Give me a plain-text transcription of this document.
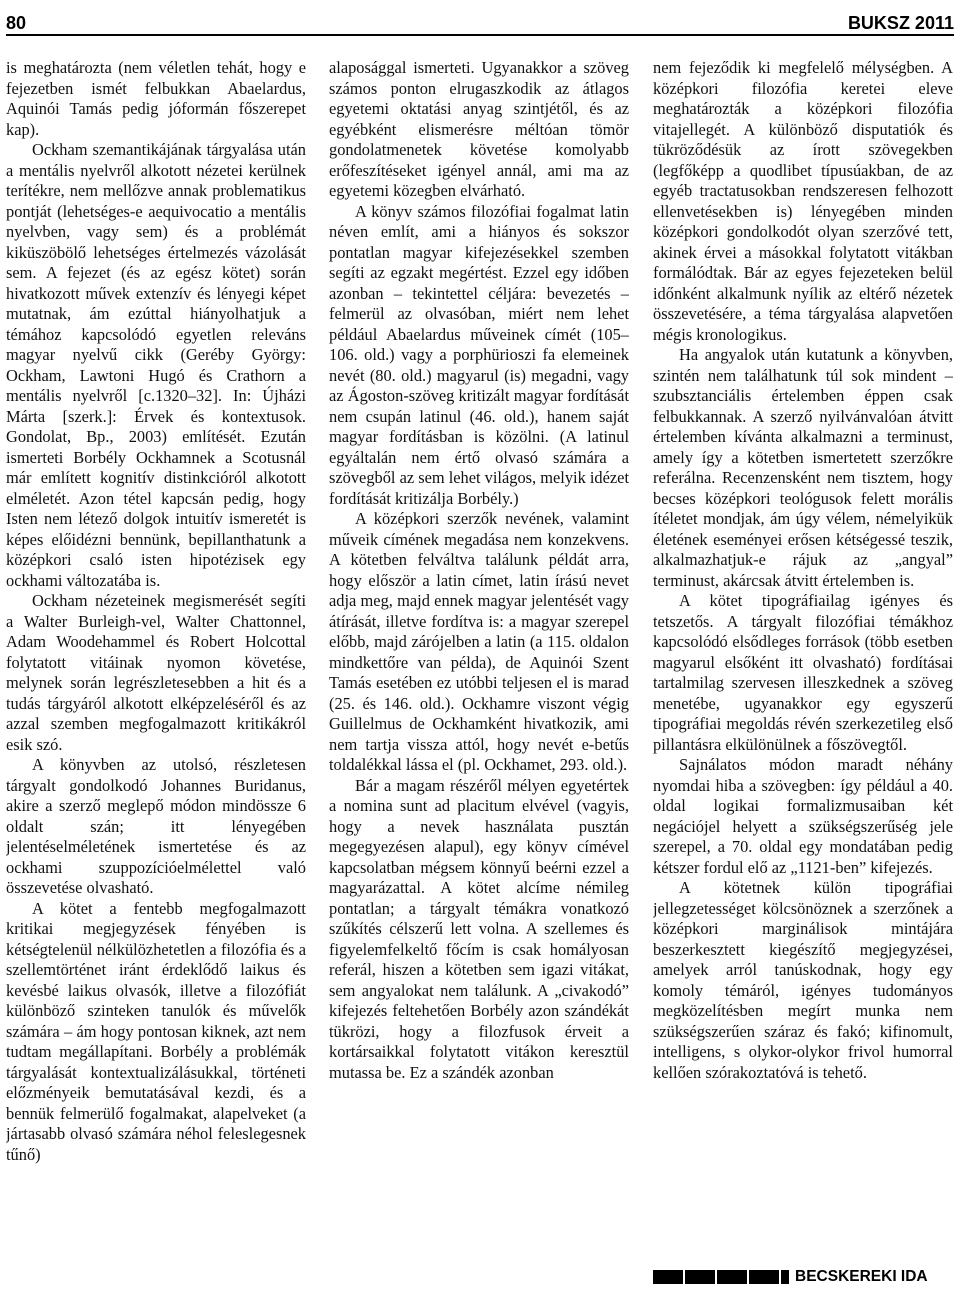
80	BUKSZ 2011

is meghatározta (nem véletlen tehát, hogy e fejezetben ismét felbukkan Abaelardus, Aquinói Tamás pedig jóformán főszerepet kap).

Ockham szemantikájának tárgyalása után a mentális nyelvről alkotott nézetei kerülnek terítékre, nem mellőzve annak problematikus pontját (lehetséges-e aequivocatio a mentális nyelvben, vagy sem) és a problémát kiküszöbölő lehetséges értelmezés vázolását sem. A fejezet (és az egész kötet) során hivatkozott művek extenzív és lényegi képet mutatnak, ám ezúttal hiányolhatjuk a témához kapcsolódó egyetlen releváns magyar nyelvű cikk (Geréby György: Ockham, Lawtoni Hugó és Crathorn a mentális nyelvről [c.1320–32]. In: Újházi Márta [szerk.]: Érvek és kontextusok. Gondolat, Bp., 2003) említését. Ezután ismerteti Borbély Ockhamnek a Scotusnál már említett kognitív distinkcióról alkotott elméletét. Azon tétel kapcsán pedig, hogy Isten nem létező dolgok intuitív ismeretét is képes előidézni bennünk, bepillanthatunk a középkori csaló isten hipotézisek egy ockhami változatába is.

Ockham nézeteinek megismerését segíti a Walter Burleigh-vel, Walter Chattonnel, Adam Woodehammel és Robert Holcottal folytatott vitáinak nyomon követése, melynek során legrészletesebben a hit és a tudás tárgyáról alkotott elképzeléséről és az azzal szemben megfogalmazott kritikákról esik szó.

A könyvben az utolsó, részletesen tárgyalt gondolkodó Johannes Buridanus, akire a szerző meglepő módon mindössze 6 oldalt szán; itt lényegében jelentéselméletének ismertetése és az ockhami szuppozícióelmélettel való összevetése olvasható.

A kötet a fentebb megfogalmazott kritikai megjegyzések fényében is kétségtelenül nélkülözhetetlen a filozófia és a szellemtörténet iránt érdeklődő laikus és kevésbé laikus olvasók, illetve a filozófiát különböző szinteken tanulók és művelők számára – ám hogy pontosan kiknek, azt nem tudtam megállapítani. Borbély a problémák tárgyalását kontextualizálásukkal, történeti előzményeik bemutatásával kezdi, és a bennük felmerülő fogalmakat, alapelveket (a jártasabb olvasó számára néhol feleslegesnek tűnő)

alaposággal ismerteti. Ugyanakkor a szöveg számos ponton elrugaszkodik az átlagos egyetemi oktatási anyag szintjétől, és az egyébként elismerésre méltóan tömör gondolatmenetek követése komolyabb erőfeszítéseket igényel annál, ami ma az egyetemi közegben elvárható.

A könyv számos filozófiai fogalmat latin néven említ, ami a hiányos és sokszor pontatlan magyar kifejezésekkel szemben segíti az egzakt megértést. Ezzel egy időben azonban – tekintettel céljára: bevezetés – felmerül az olvasóban, miért nem lehet például Abaelardus műveinek címét (105–106. old.) vagy a porphürioszi fa elemeinek nevét (80. old.) magyarul (is) megadni, vagy az Ágoston-szöveg kritizált magyar fordítását nem csupán latinul (46. old.), hanem saját magyar fordításban is közölni. (A latinul egyáltalán nem értő olvasó számára a szövegből az sem lehet világos, melyik idézet fordítását kritizálja Borbély.)

A középkori szerzők nevének, valamint műveik címének megadása nem konzekvens. A kötetben felváltva találunk példát arra, hogy először a latin címet, latin írású nevet adja meg, majd ennek magyar jelentését vagy átírását, illetve fordítva is: a magyar szerepel előbb, majd zárójelben a latin (a 115. oldalon mindkettőre van példa), de Aquinói Szent Tamás esetében ez utóbbi teljesen el is marad (25. és 146. old.). Ockhamre viszont végig Guillelmus de Ockhamként hivatkozik, ami nem tartja vissza attól, hogy nevét e-betűs toldalékkal lássa el (pl. Ockhamet, 293. old.).

Bár a magam részéről mélyen egyetértek a nomina sunt ad placitum elvével (vagyis, hogy a nevek használata pusztán megegyezésen alapul), egy könyv címével kapcsolatban mégsem könnyű beérni ezzel a magyarázattal. A kötet alcíme némileg pontatlan; a tárgyalt témákra vonatkozó szűkítés célszerű lett volna. A szellemes és figyelemfelkeltő főcím is csak homályosan referál, hiszen a kötetben sem igazi vitákat, sem angyalokat nem találunk. A „civakodó” kifejezés feltehetően Borbély azon szándékát tükrözi, hogy a filozfusok érveit a kortársaikkal folytatott vitákon keresztül mutassa be. Ez a szándék azonban

nem fejeződik ki megfelelő mélységben. A középkori filozófia keretei eleve meghatározták a középkori filozófia vitajellegét. A különböző disputatiók és tükröződésük az írott szövegekben (legfőképp a quodlibet típusúakban, de az egyéb tractatusokban rendszeresen felhozott ellenvetésekben is) lényegében minden középkori gondolkodót olyan szerzővé tett, akinek érvei a másokkal folytatott vitákban formálódtak. Bár az egyes fejezeteken belül időnként alkalmunk nyílik az eltérő nézetek összevetésére, a téma tárgyalása alapvetően mégis kronologikus.

Ha angyalok után kutatunk a könyvben, szintén nem találhatunk túl sok mindent – szubsztanciális értelemben éppen csak felbukkannak. A szerző nyilvánvalóan átvitt értelemben kívánta alkalmazni a terminust, amely így a kötetben ismertetett szerzőkre referálna. Recenzensként nem tisztem, hogy becses középkori teológusok felett morális ítéletet mondjak, ám úgy vélem, némelyikük életének eseményei erősen kétségessé teszik, alkalmazhatjuk-e rájuk az „angyal” terminust, akárcsak átvitt értelemben is.

A kötet tipográfiailag igényes és tetszetős. A tárgyalt filozófiai témákhoz kapcsolódó elsődleges források (több esetben magyarul elsőként itt olvasható) fordításai tartalmilag szervesen illeszkednek a szöveg menetébe, ugyanakkor egy egyszerű tipográfiai megoldás révén szerkezetileg első pillantásra elkülönülnek a főszövegtől.

Sajnálatos módon maradt néhány nyomdai hiba a szövegben: így például a 40. oldal logikai formalizmusaiban két negációjel helyett a szükségszerűség jele szerepel, a 70. oldal egy mondatában pedig kétszer fordul elő az „1121-ben” kifejezés.

A kötetnek külön tipográfiai jellegzetességet kölcsönöznek a szerzőnek a középkori marginálisok mintájára beszerkesztett kiegészítő megjegyzései, amelyek arról tanúskodnak, hogy egy komoly témáról, igényes tudományos megközelítésben megírt munka nem szükségszerűen száraz és fakó; kifinomult, intelligens, s olykor-olykor frivol humorral kellően szórakoztatóvá is tehető.

BECSKEREKI IDA
